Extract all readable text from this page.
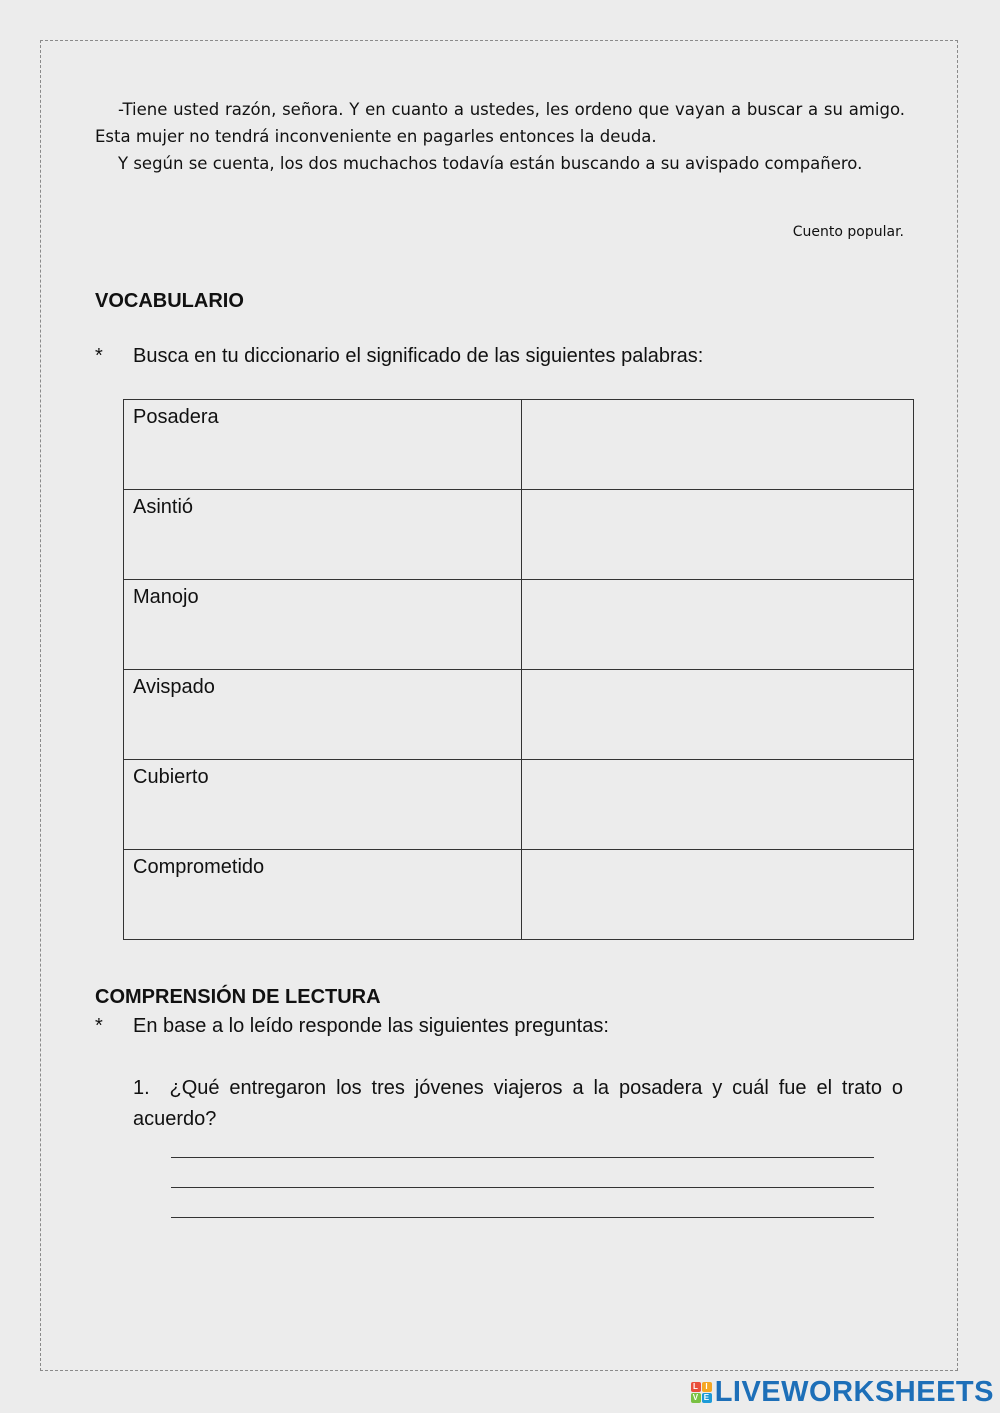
-Tiene usted razón, señora. Y en cuanto a ustedes, les ordeno que vayan a buscar a su amigo. Esta mujer no tendrá inconveniente en pagarles entonces la deuda.

Y según se cuenta, los dos muchachos todavía están buscando a su avispado compañero.

Cuento popular.
VOCABULARIO
* Busca en tu diccionario el significado de las siguientes palabras:
Posadera	
Asintió	
Manojo	
Avispado	
Cubierto	
Comprometido	
COMPRENSIÓN DE LECTURA
* En base a lo leído responde las siguientes preguntas:
1. ¿Qué entregaron los tres jóvenes viajeros a la posadera y cuál fue el trato o acuerdo?
L I
V E LIVEWORKSHEETS
